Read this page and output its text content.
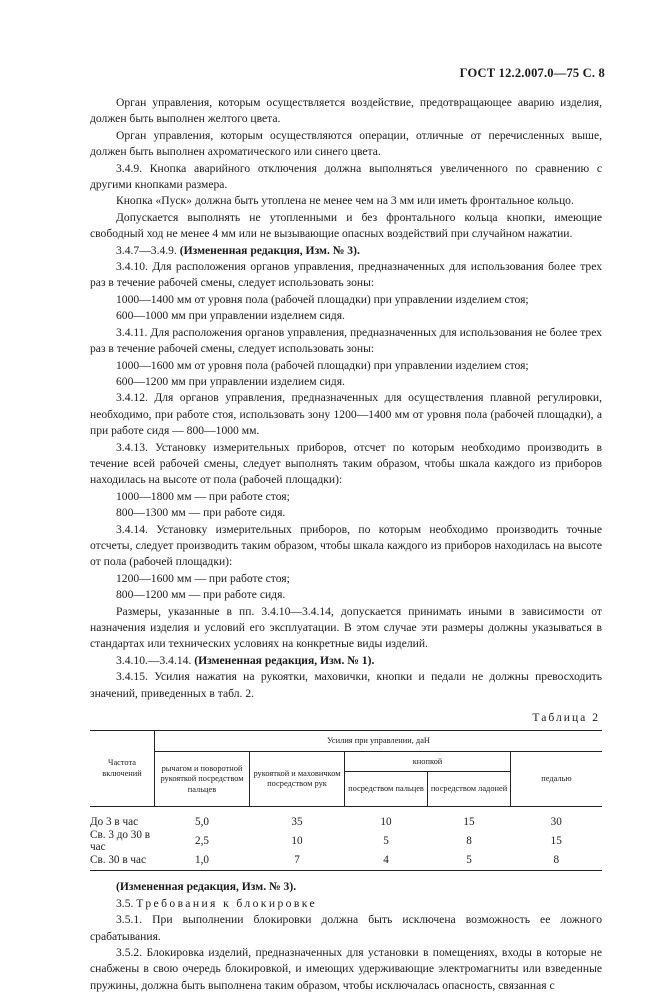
ГОСТ 12.2.007.0—75 С. 8

Орган управления, которым осуществляется воздействие, предотвращающее аварию изделия, должен быть выполнен желтого цвета.

Орган управления, которым осуществляются операции, отличные от перечисленных выше, должен быть выполнен ахроматического или синего цвета.

3.4.9. Кнопка аварийного отключения должна выполняться увеличенного по сравнению с другими кнопками размера.

Кнопка «Пуск» должна быть утоплена не менее чем на 3 мм или иметь фронтальное кольцо.

Допускается выполнять не утопленными и без фронтального кольца кнопки, имеющие свободный ход не менее 4 мм или не вызывающие опасных воздействий при случайном нажатии.

3.4.7—3.4.9. (Измененная редакция, Изм. № 3).

3.4.10. Для расположения органов управления, предназначенных для использования более трех раз в течение рабочей смены, следует использовать зоны:

1000—1400 мм от уровня пола (рабочей площадки) при управлении изделием стоя;

600—1000 мм при управлении изделием сидя.

3.4.11. Для расположения органов управления, предназначенных для использования не более трех раз в течение рабочей смены, следует использовать зоны:

1000—1600 мм от уровня пола (рабочей площадки) при управлении изделием стоя;

600—1200 мм при управлении изделием сидя.

3.4.12. Для органов управления, предназначенных для осуществления плавной регулировки, необходимо, при работе стоя, использовать зону 1200—1400 мм от уровня пола (рабочей площадки), а при работе сидя — 800—1000 мм.

3.4.13. Установку измерительных приборов, отсчет по которым необходимо производить в течение всей рабочей смены, следует выполнять таким образом, чтобы шкала каждого из приборов находилась на высоте от пола (рабочей площадки):

1000—1800 мм — при работе стоя;

800—1300 мм — при работе сидя.

3.4.14. Установку измерительных приборов, по которым необходимо производить точные отсчеты, следует производить таким образом, чтобы шкала каждого из приборов находилась на высоте от пола (рабочей площадки):

1200—1600 мм — при работе стоя;

800—1200 мм — при работе сидя.

Размеры, указанные в пп. 3.4.10—3.4.14, допускается принимать иными в зависимости от назначения изделия и условий его эксплуатации. В этом случае эти размеры должны указываться в стандартах или технических условиях на конкретные виды изделий.

3.4.10.—3.4.14. (Измененная редакция, Изм. № 1).

3.4.15. Усилия нажатия на рукоятки, маховички, кнопки и педали не должны превосходить значений, приведенных в табл. 2.

Таблица 2
Частота включений	Усилия при управлении, даН				
	рычагом и поворотной рукояткой посредством пальцев	рукояткой и маховичком посредством рук	кнопкой		педалью
			посредством пальцев	посредством ладоней	
До 3 в час	5,0	35	10	15	30
Св. 3 до 30 в час	2,5	10	5	8	15
Св. 30 в час	1,0	7	4	5	8

(Измененная редакция, Изм. № 3).

3.5. Требования к блокировке

3.5.1. При выполнении блокировки должна быть исключена возможность ее ложного срабатывания.

3.5.2. Блокировка изделий, предназначенных для установки в помещениях, входы в которые не снабжены в свою очередь блокировкой, и имеющих удерживающие электромагниты или взведенные пружины, должна быть выполнена таким образом, чтобы исключалась опасность, связанная с
